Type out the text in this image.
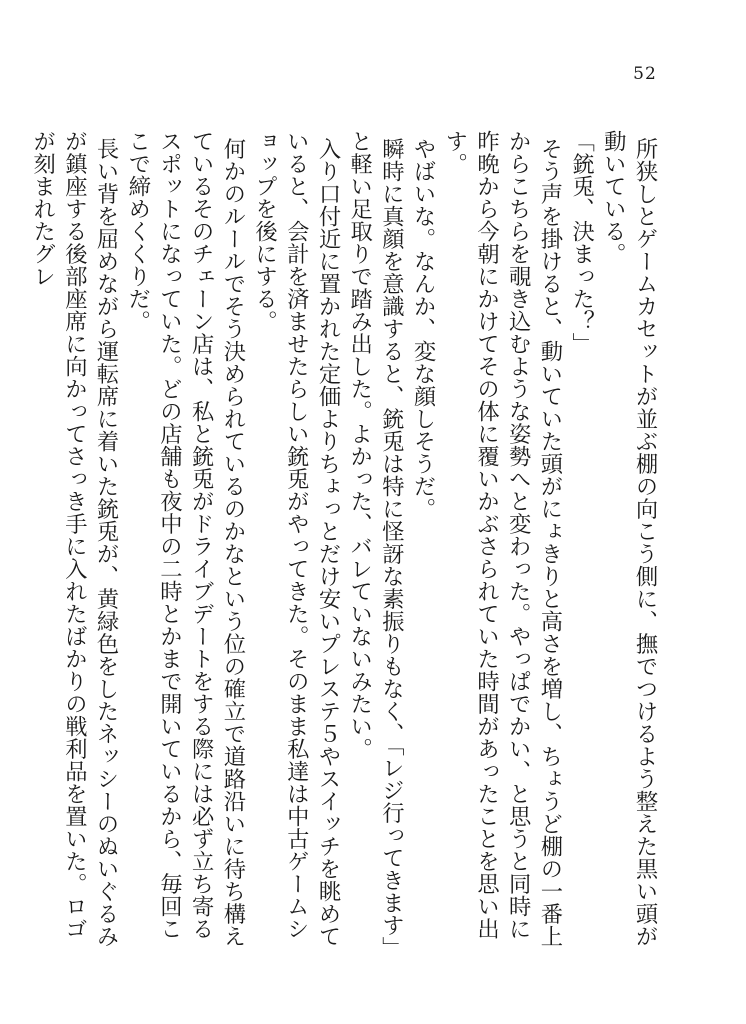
52

所狭しとゲームカセットが並ぶ棚の向こう側に、撫でつけるよう整えた黒い頭が動いている。

「銃兎、決まった？」

そう声を掛けると、動いていた頭がにょきりと高さを増し、ちょうど棚の一番上からこちらを覗き込むような姿勢へと変わった。やっぱでかい、と思うと同時に昨晩から今朝にかけてその体に覆いかぶさられていた時間があったことを思い出す。

やばいな。なんか、変な顔しそうだ。

瞬時に真顔を意識すると、銃兎は特に怪訝な素振りもなく、「レジ行ってきます」と軽い足取りで踏み出した。よかった、バレていないみたい。

入り口付近に置かれた定価よりちょっとだけ安いプレステ５やスイッチを眺めていると、会計を済ませたらしい銃兎がやってきた。そのまま私達は中古ゲームショップを後にする。

何かのルールでそう決められているのかなという位の確立で道路沿いに待ち構えているそのチェーン店は、私と銃兎がドライブデートをする際には必ず立ち寄るスポットになっていた。どの店舗も夜中の二時とかまで開いているから、毎回ここで締めくくりだ。

長い背を屈めながら運転席に着いた銃兎が、黄緑色をしたネッシーのぬいぐるみが鎮座する後部座席に向かってさっき手に入れたばかりの戦利品を置いた。ロゴが刻まれたグレ
